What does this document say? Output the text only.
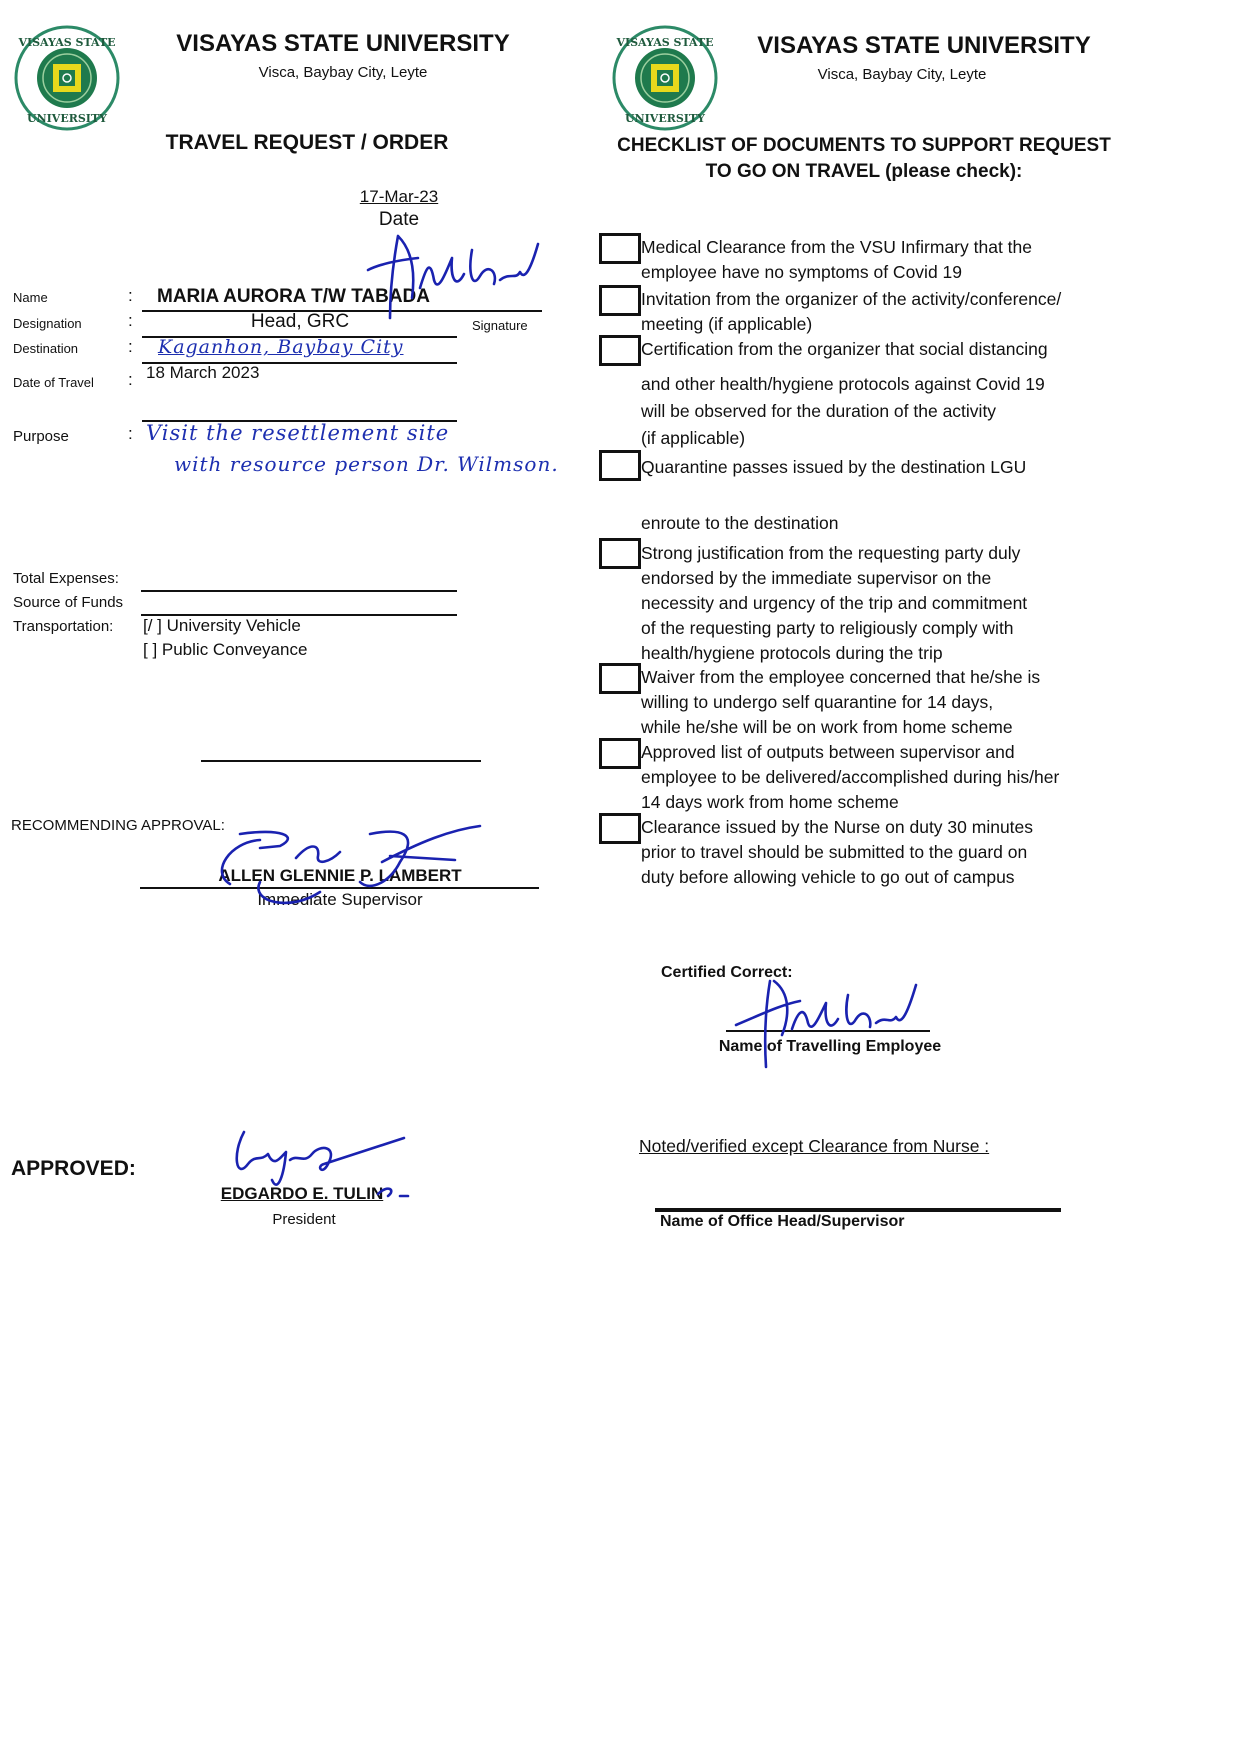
VISAYAS STATE
UNIVERSITY
VISAYAS STATE UNIVERSITY
Visca, Baybay City, Leyte
TRAVEL REQUEST / ORDER
17-Mar-23
Date
Name	: MARIA AURORA T/W TABADA
Designation	:	Head, GRC	Signature
Destination	: Kaganhon, Baybay City
Date of Travel : 18 March 2023
Purpose	: Visit the resettlement site
with resource person Dr. Wilmson.
Total Expenses:
Source of Funds
Transportation: [/ ] University Vehicle
[ ] Public Conveyance
RECOMMENDING APPROVAL:
ALLEN GLENNIE P. LAMBERT
Immediate Supervisor
APPROVED:
EDGARDO E. TULIN
President
VISAYAS STATE
UNIVERSITY
VISAYAS STATE UNIVERSITY
Visca, Baybay City, Leyte
CHECKLIST OF DOCUMENTS TO SUPPORT REQUEST
TO GO ON TRAVEL (please check):
Medical Clearance from the VSU Infirmary that the
employee have no symptoms of Covid 19
Invitation from the organizer of the activity/conference/
meeting (if applicable)
Certification from the organizer that social distancing
and other health/hygiene protocols against Covid 19
will be observed for the duration of the activity
(if applicable)
Quarantine passes issued by the destination LGU
enroute to the destination
Strong justification from the requesting party duly
endorsed by the immediate supervisor on the
necessity and urgency of the trip and commitment
of the requesting party to religiously comply with
health/hygiene protocols during the trip
Waiver from the employee concerned that he/she is
willing to undergo self quarantine for 14 days,
while he/she will be on work from home scheme
Approved list of outputs between supervisor and
employee to be delivered/accomplished during his/her
14 days work from home scheme
Clearance issued by the Nurse on duty 30 minutes
prior to travel should be submitted to the guard on
duty before allowing vehicle to go out of campus
Certified Correct:
Name of Travelling Employee
Noted/verified except Clearance from Nurse :
Name of Office Head/Supervisor
